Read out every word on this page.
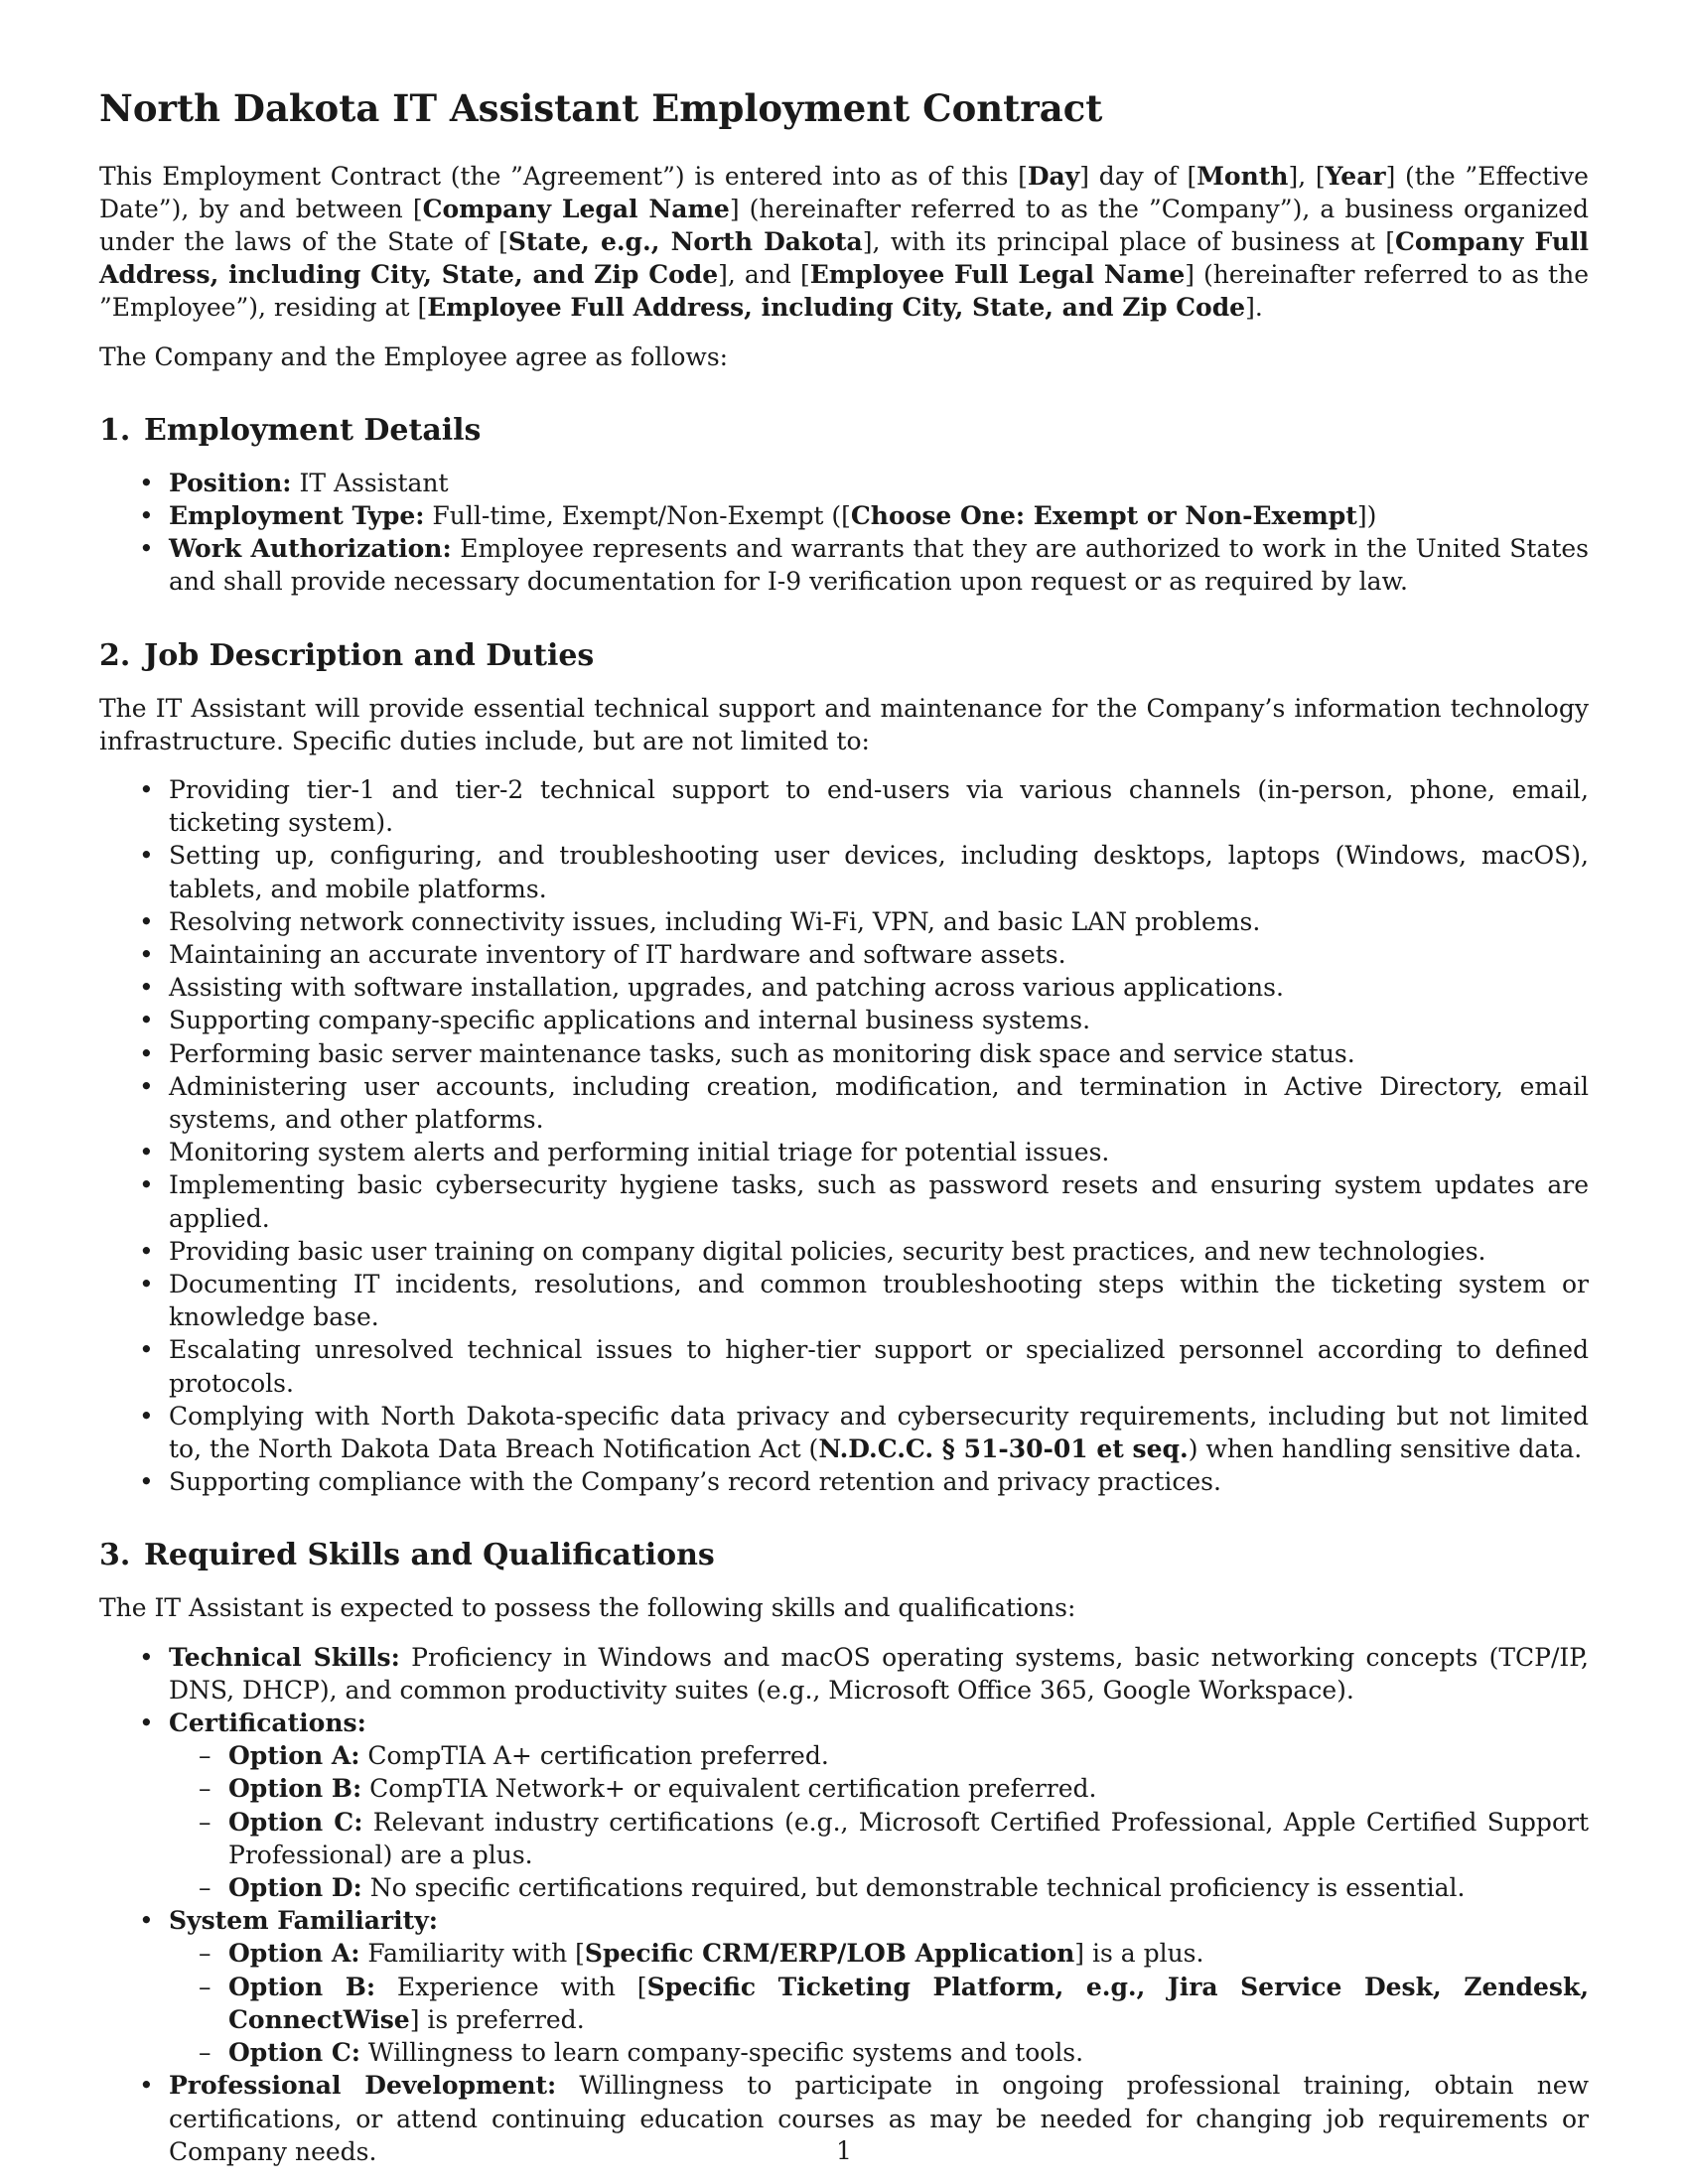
North Dakota IT Assistant Employment Contract

This Employment Contract (the ”Agreement”) is entered into as of this [Day] day of [Month], [Year] (the ”Effective Date”), by and between [Company Legal Name] (hereinafter referred to as the ”Company”), a business organized under the laws of the State of [State, e.g., North Dakota], with its principal place of business at [Company Full Address, including City, State, and Zip Code], and [Employee Full Legal Name] (hereinafter referred to as the ”Employee”), residing at [Employee Full Address, including City, State, and Zip Code].

The Company and the Employee agree as follows:

1. Employment Details
• Position: IT Assistant
• Employment Type: Full-time, Exempt/Non-Exempt ([Choose One: Exempt or Non-Exempt])
• Work Authorization: Employee represents and warrants that they are authorized to work in the United States and shall provide necessary documentation for I-9 verification upon request or as required by law.
2. Job Description and Duties

The IT Assistant will provide essential technical support and maintenance for the Company’s information technology infrastructure. Specific duties include, but are not limited to:

• Providing tier-1 and tier-2 technical support to end-users via various channels (in-person, phone, email, ticketing system).
• Setting up, configuring, and troubleshooting user devices, including desktops, laptops (Windows, macOS), tablets, and mobile platforms.
• Resolving network connectivity issues, including Wi-Fi, VPN, and basic LAN problems.
• Maintaining an accurate inventory of IT hardware and software assets.
• Assisting with software installation, upgrades, and patching across various applications.
• Supporting company-specific applications and internal business systems.
• Performing basic server maintenance tasks, such as monitoring disk space and service status.
• Administering user accounts, including creation, modification, and termination in Active Directory, email systems, and other platforms.
• Monitoring system alerts and performing initial triage for potential issues.
• Implementing basic cybersecurity hygiene tasks, such as password resets and ensuring system updates are applied.
• Providing basic user training on company digital policies, security best practices, and new technologies.
• Documenting IT incidents, resolutions, and common troubleshooting steps within the ticketing system or knowledge base.
• Escalating unresolved technical issues to higher-tier support or specialized personnel according to defined protocols.
• Complying with North Dakota-specific data privacy and cybersecurity requirements, including but not limited to, the North Dakota Data Breach Notification Act (N.D.C.C. § 51-30-01 et seq.) when handling sensitive data.
• Supporting compliance with the Company’s record retention and privacy practices.
3. Required Skills and Qualifications

The IT Assistant is expected to possess the following skills and qualifications:

• Technical Skills: Proficiency in Windows and macOS operating systems, basic networking concepts (TCP/IP, DNS, DHCP), and common productivity suites (e.g., Microsoft Office 365, Google Workspace).
• Certifications:
– Option A: CompTIA A+ certification preferred.
– Option B: CompTIA Network+ or equivalent certification preferred.
– Option C: Relevant industry certifications (e.g., Microsoft Certified Professional, Apple Certified Support Professional) are a plus.
– Option D: No specific certifications required, but demonstrable technical proficiency is essential.
• System Familiarity:
– Option A: Familiarity with [Specific CRM/ERP/LOB Application] is a plus.
– Option B: Experience with [Specific Ticketing Platform, e.g., Jira Service Desk, Zendesk, ConnectWise] is preferred.
– Option C: Willingness to learn company-specific systems and tools.
• Professional Development: Willingness to participate in ongoing professional training, obtain new certifications, or attend continuing education courses as may be needed for changing job requirements or Company needs.	1
